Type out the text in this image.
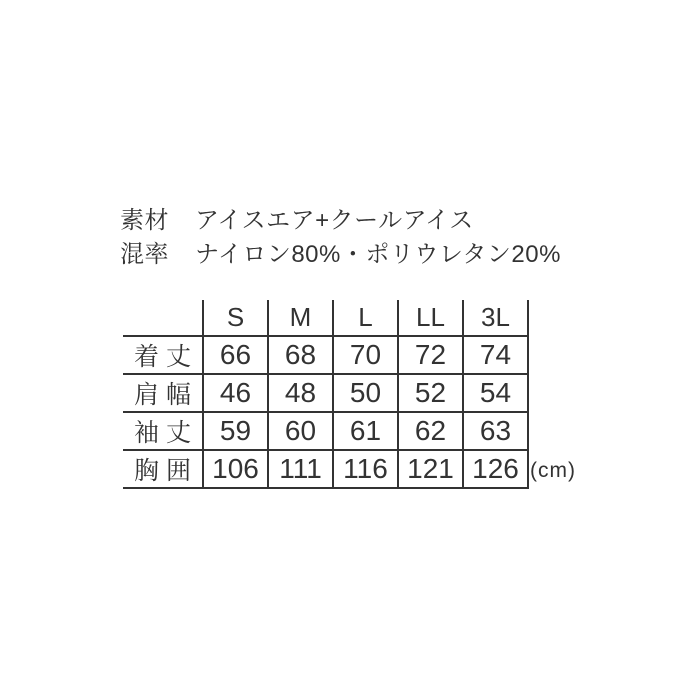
素材 アイスエア+クールアイス
混率 ナイロン80%・ポリウレタン20%
	S	M	L	LL	3L
着丈	66	68	70	72	74
肩幅	46	48	50	52	54
袖丈	59	60	61	62	63
胸囲	106	111	116	121	126 (cm)
